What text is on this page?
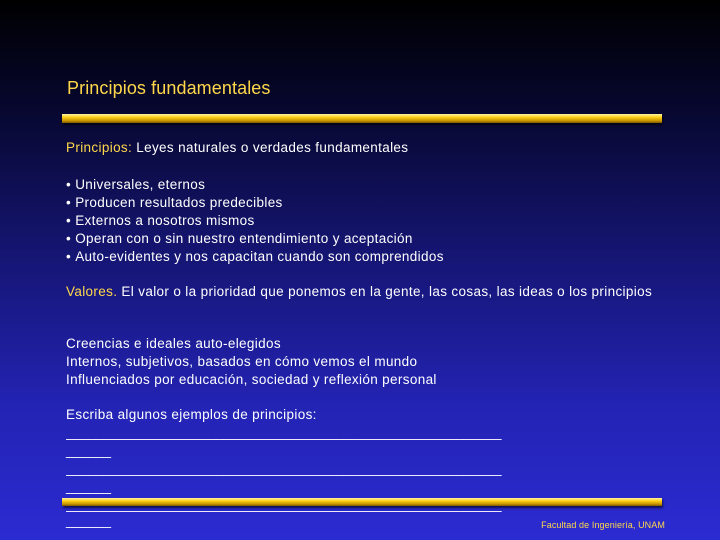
Principios fundamentales
Principios: Leyes naturales o verdades fundamentales
• Universales, eternos
• Producen resultados predecibles
• Externos a nosotros mismos
• Operan con o sin nuestro entendimiento y aceptación
• Auto-evidentes y nos capacitan cuando son comprendidos
Valores. El valor o la prioridad que ponemos en la gente, las cosas, las ideas o los principios
Creencias e ideales auto-elegidos
Internos, subjetivos, basados en cómo vemos el mundo
Influenciados por educación, sociedad y reflexión personal
Escriba algunos ejemplos de principios:
__________________________________________________________
______
__________________________________________________________
______
__________________________________________________________
______	Facultad de Ingeniería, UNAM
